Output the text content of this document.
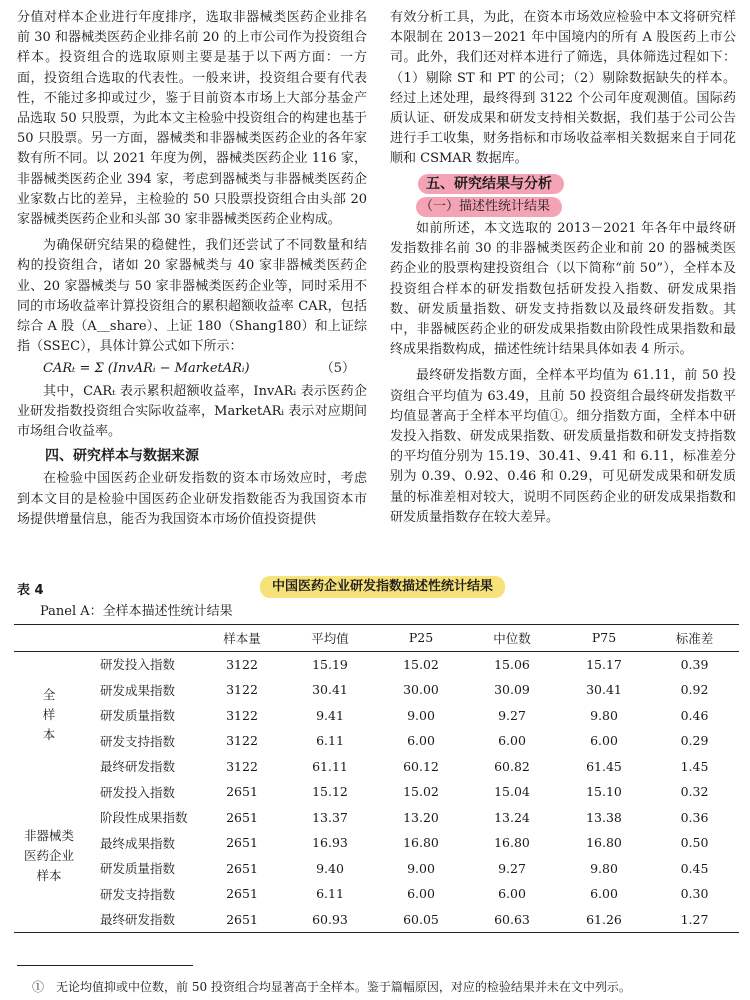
分值对样本企业进行年度排序，选取非器械类医药企业排名前 30 和器械类医药企业排名前 20 的上市公司作为投资组合样本。投资组合的选取原则主要是基于以下两方面：一方面，投资组合选取的代表性。一般来讲，投资组合要有代表性，不能过多抑或过少，鉴于目前资本市场上大部分基金产品选取 50 只股票，为此本文主检验中投资组合的构建也基于 50 只股票。另一方面，器械类和非器械类医药企业的各年家数有所不同。以 2021 年度为例，器械类医药企业 116 家，非器械类医药企业 394 家，考虑到器械类与非器械类医药企业家数占比的差异，主检验的 50 只股票投资组合由头部 20 家器械类医药企业和头部 30 家非器械类医药企业构成。

为确保研究结果的稳健性，我们还尝试了不同数量和结构的投资组合，诸如 20 家器械类与 40 家非器械类医药企业、20 家器械类与 50 家非器械类医药企业等，同时采用不同的市场收益率计算投资组合的累积超额收益率 CAR，包括综合 A 股（A＿share）、上证 180（Shang180）和上证综指（SSEC），具体计算公式如下所示：

CARₜ = Σ (InvARᵢ − MarketARᵢ)	（5）

其中，CARₜ 表示累积超额收益率，InvARᵢ 表示医药企业研发指数投资组合实际收益率，MarketARᵢ 表示对应期间市场组合收益率。

四、研究样本与数据来源

在检验中国医药企业研发指数的资本市场效应时，考虑到本文目的是检验中国医药企业研发指数能否为我国资本市场提供增量信息，能否为我国资本市场价值投资提供

有效分析工具，为此，在资本市场效应检验中本文将研究样本限制在 2013－2021 年中国境内的所有 A 股医药上市公司。此外，我们还对样本进行了筛选，具体筛选过程如下：（1）剔除 ST 和 PT 的公司；（2）剔除数据缺失的样本。经过上述处理，最终得到 3122 个公司年度观测值。国际药质认证、研发成果和研发支持相关数据，我们基于公司公告进行手工收集，财务指标和市场收益率相关数据来自于同花顺和 CSMAR 数据库。

五、研究结果与分析
（一）描述性统计结果

如前所述，本文选取的 2013－2021 年各年中最终研发指数排名前 30 的非器械类医药企业和前 20 的器械类医药企业的股票构建投资组合（以下简称“前 50”），全样本及投资组合样本的研发指数包括研发投入指数、研发成果指数、研发质量指数、研发支持指数以及最终研发指数。其中，非器械医药企业的研发成果指数由阶段性成果指数和最终成果指数构成，描述性统计结果具体如表 4 所示。

最终研发指数方面，全样本平均值为 61.11，前 50 投资组合平均值为 63.49，且前 50 投资组合最终研发指数平均值显著高于全样本平均值①。细分指数方面，全样本中研发投入指数、研发成果指数、研发质量指数和研发支持指数的平均值分别为 15.19、30.41、9.41 和 6.11，标准差分别为 0.39、0.92、0.46 和 0.29，可见研发成果和研发质量的标准差相对较大，说明不同医药企业的研发成果指数和研发质量指数存在较大差异。

表 4	中国医药企业研发指数描述性统计结果
Panel A：全样本描述性统计结果
		样本量	平均值	P25	中位数	P75	标准差
全样本	研发投入指数	3122	15.19	15.02	15.06	15.17	0.39
	研发成果指数	3122	30.41	30.00	30.09	30.41	0.92
	研发质量指数	3122	9.41	9.00	9.27	9.80	0.46
	研发支持指数	3122	6.11	6.00	6.00	6.00	0.29
	最终研发指数	3122	61.11	60.12	60.82	61.45	1.45
非器械类医药企业样本	研发投入指数	2651	15.12	15.02	15.04	15.10	0.32
	阶段性成果指数	2651	13.37	13.20	13.24	13.38	0.36
	最终成果指数	2651	16.93	16.80	16.80	16.80	0.50
	研发质量指数	2651	9.40	9.00	9.27	9.80	0.45
	研发支持指数	2651	6.11	6.00	6.00	6.00	0.30
	最终研发指数	2651	60.93	60.05	60.63	61.26	1.27
①　无论均值抑或中位数，前 50 投资组合均显著高于全样本。鉴于篇幅原因，对应的检验结果并未在文中列示。
